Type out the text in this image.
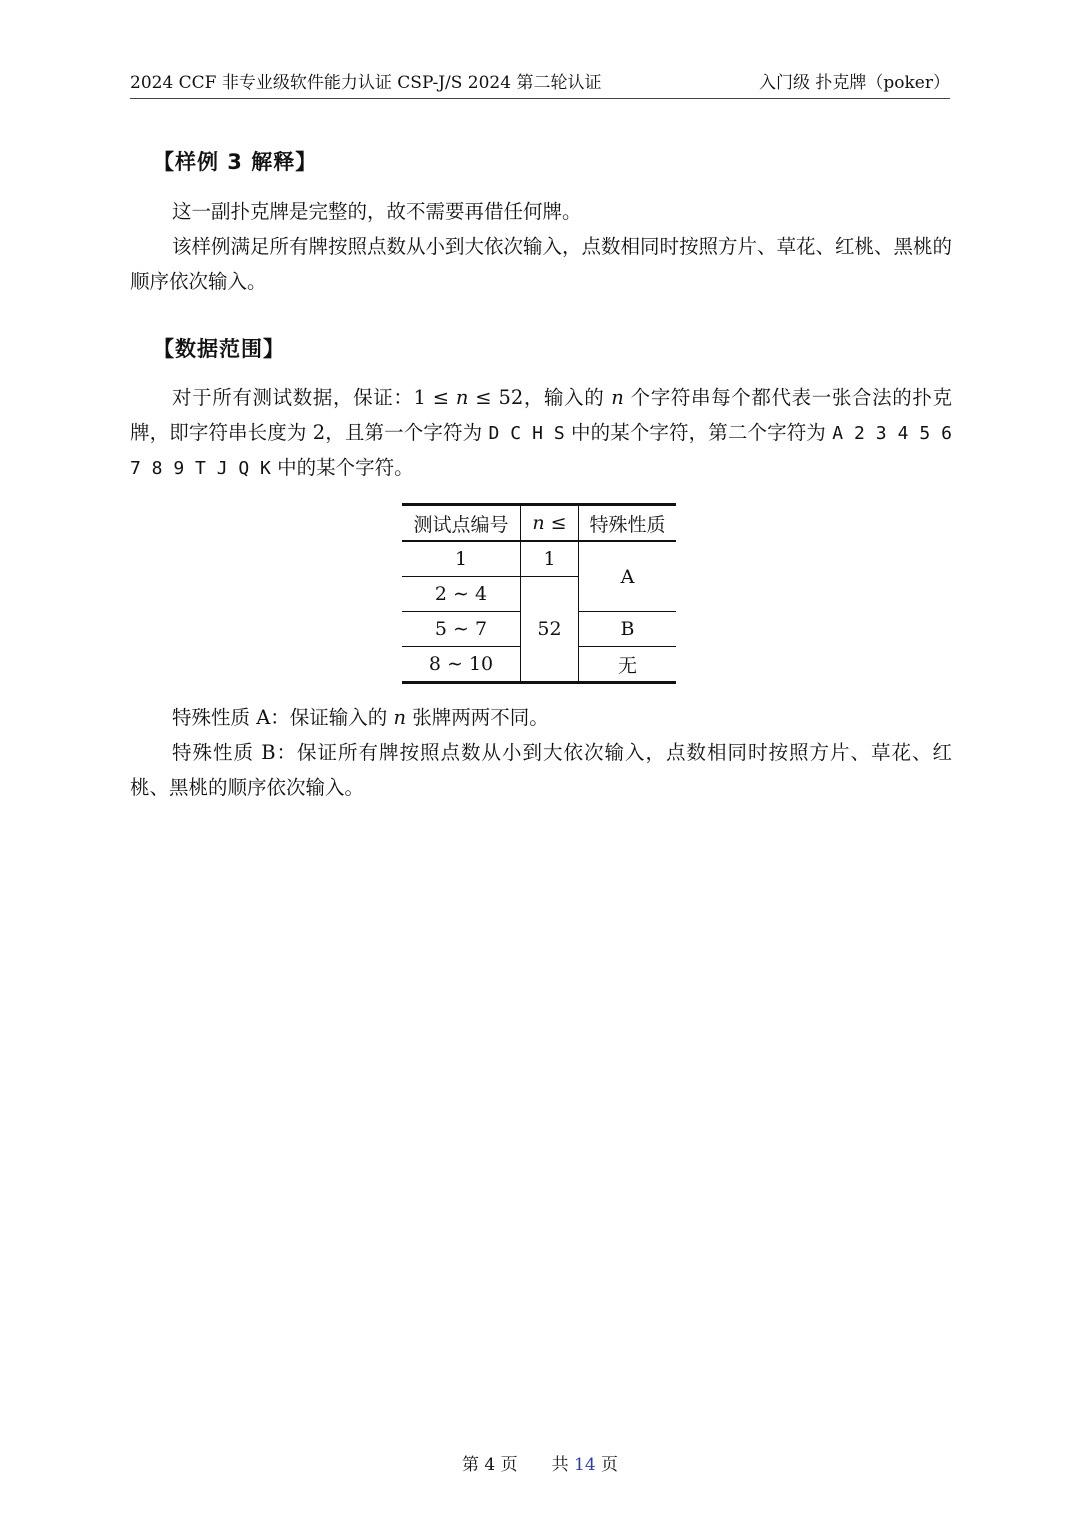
2024 CCF 非专业级软件能力认证 CSP-J/S 2024 第二轮认证	入门级 扑克牌（poker）
【样例 3 解释】
这一副扑克牌是完整的，故不需要再借任何牌。
该样例满足所有牌按照点数从小到大依次输入，点数相同时按照方片、草花、红桃、黑桃的顺序依次输入。
【数据范围】
对于所有测试数据，保证：1 ≤ n ≤ 52，输入的 n 个字符串每个都代表一张合法的扑克牌，即字符串长度为 2，且第一个字符为 D C H S 中的某个字符，第二个字符为 A 2 3 4 5 6 7 8 9 T J Q K 中的某个字符。
测试点编号	n ≤	特殊性质
1	1	A
2 ∼ 4	52	
5 ∼ 7		B
8 ∼ 10		无
特殊性质 A：保证输入的 n 张牌两两不同。
特殊性质 B：保证所有牌按照点数从小到大依次输入，点数相同时按照方片、草花、红桃、黑桃的顺序依次输入。
第 4 页 共 14 页
